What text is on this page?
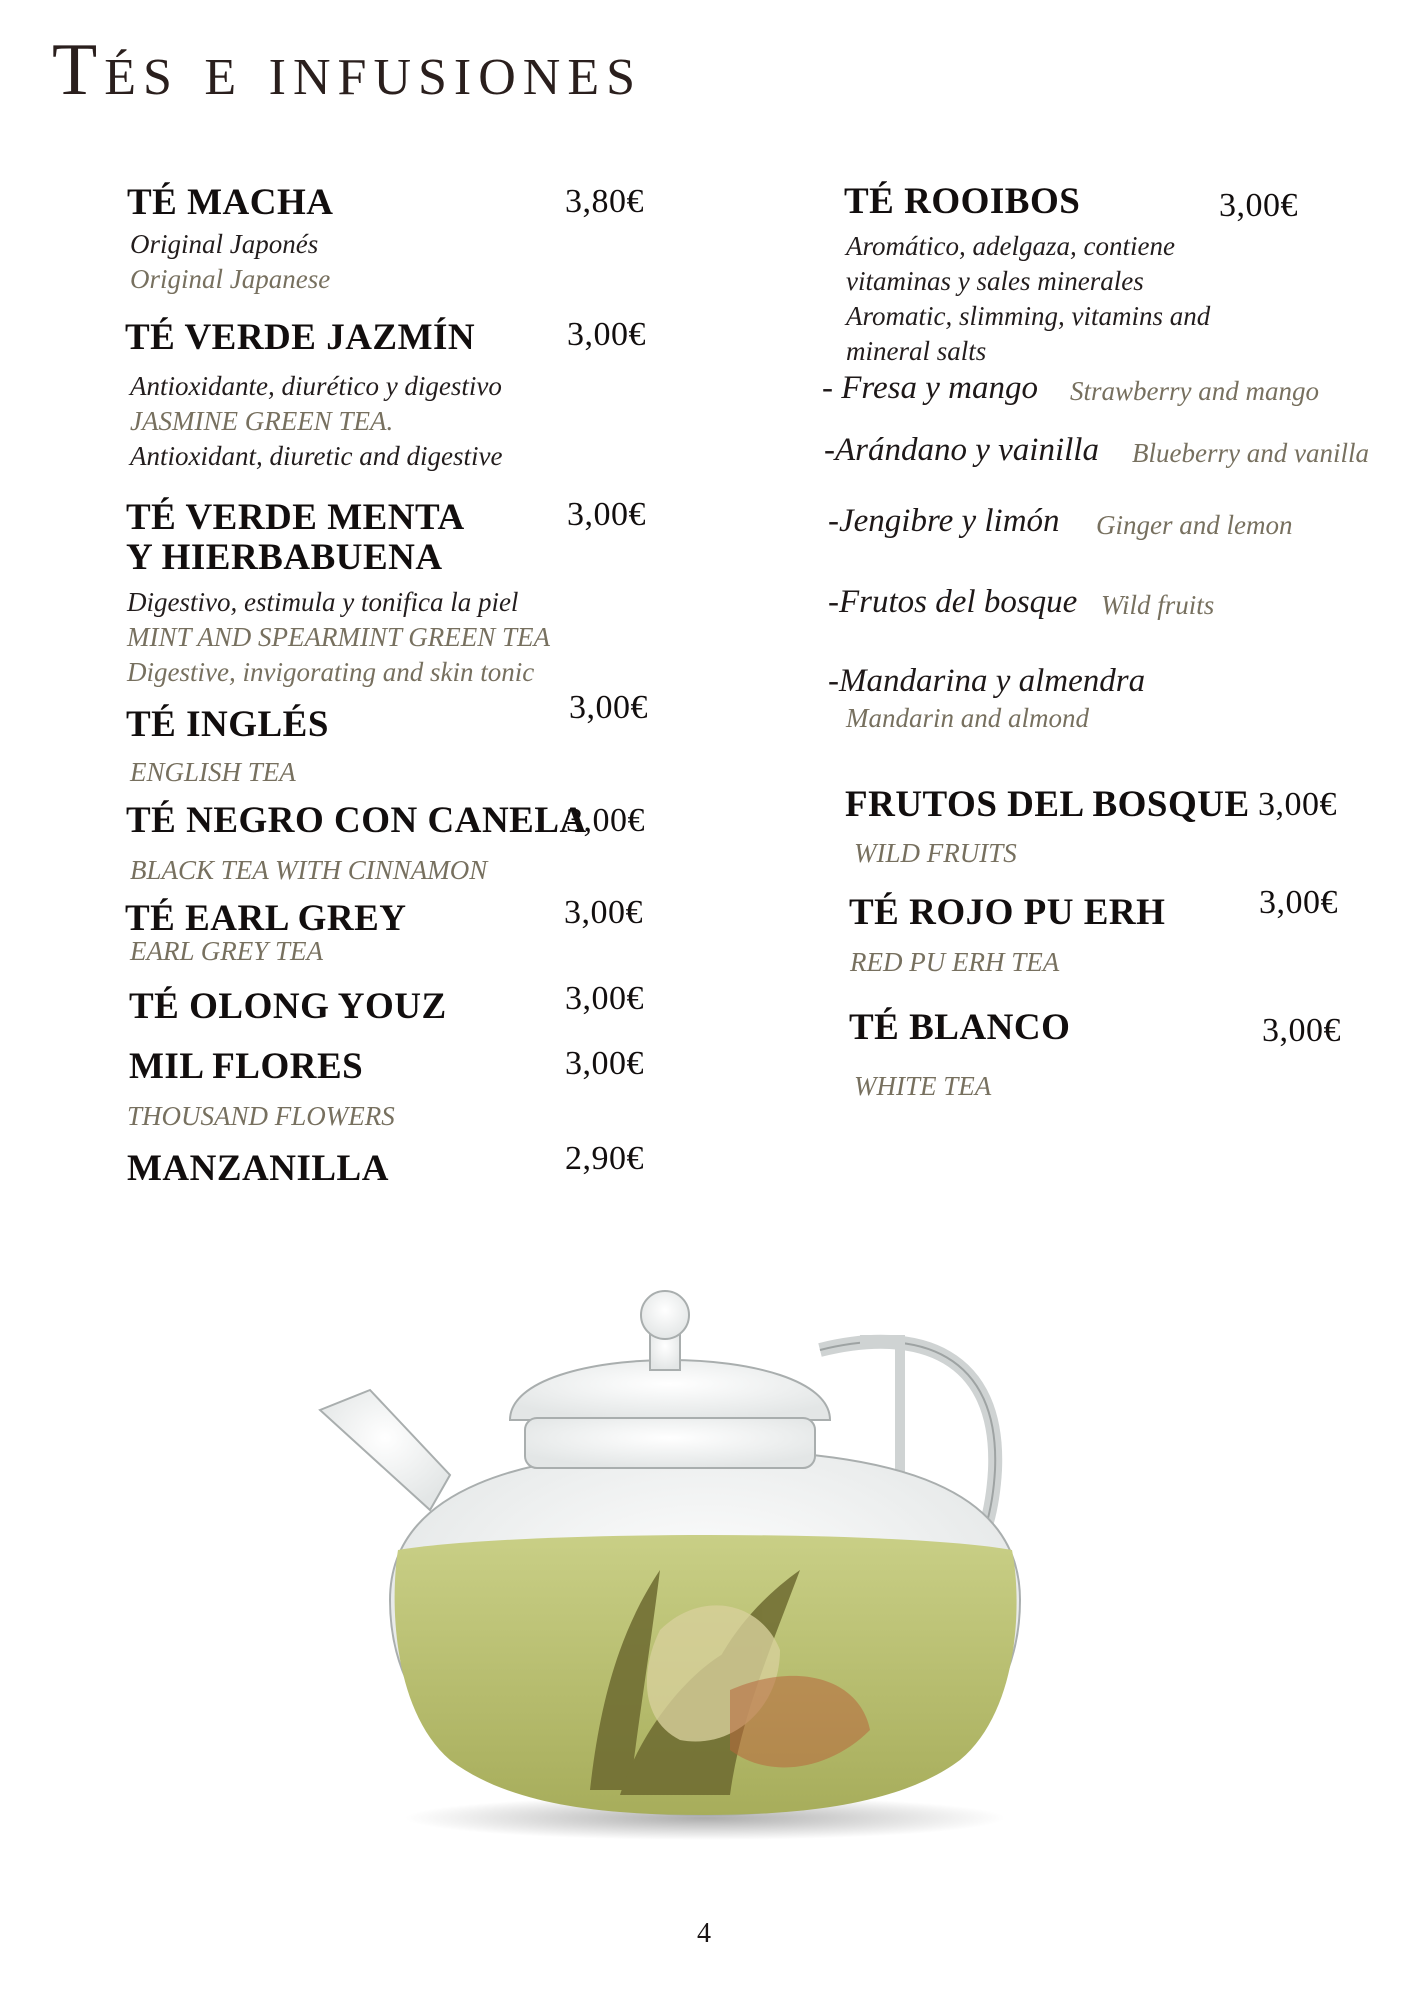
Tés e infusiones
TÉ MACHA	3,80€
Original Japonés
Original Japanese
TÉ VERDE JAZMÍN	3,00€
Antioxidante, diurético y digestivo
JASMINE GREEN TEA.
Antioxidant, diuretic and digestive
TÉ VERDE MENTA
Y HIERBABUENA
3,00€
Digestivo, estimula y tonifica la piel
MINT AND SPEARMINT GREEN TEA
Digestive, invigorating and skin tonic
TÉ INGLÉS	3,00€
ENGLISH TEA
TÉ NEGRO CON CANELA
3,00€
BLACK TEA WITH CINNAMON
TÉ EARL GREY	3,00€
EARL GREY TEA
TÉ OLONG YOUZ	3,00€
MIL FLORES	3,00€
THOUSAND FLOWERS
MANZANILLA	2,90€
TÉ ROOIBOS	3,00€
Aromático, adelgaza, contiene
vitaminas y sales minerales
Aromatic, slimming, vitamins and
mineral salts
- Fresa y mango Strawberry and mango
-Arándano y vainilla Blueberry and vanilla
-Jengibre y limón Ginger and lemon
-Frutos del bosque Wild fruits
-Mandarina y almendra
Mandarin and almond
FRUTOS DEL BOSQUE 3,00€
WILD FRUITS
TÉ ROJO PU ERH	3,00€
RED PU ERH TEA
TÉ BLANCO	3,00€
WHITE TEA
4
